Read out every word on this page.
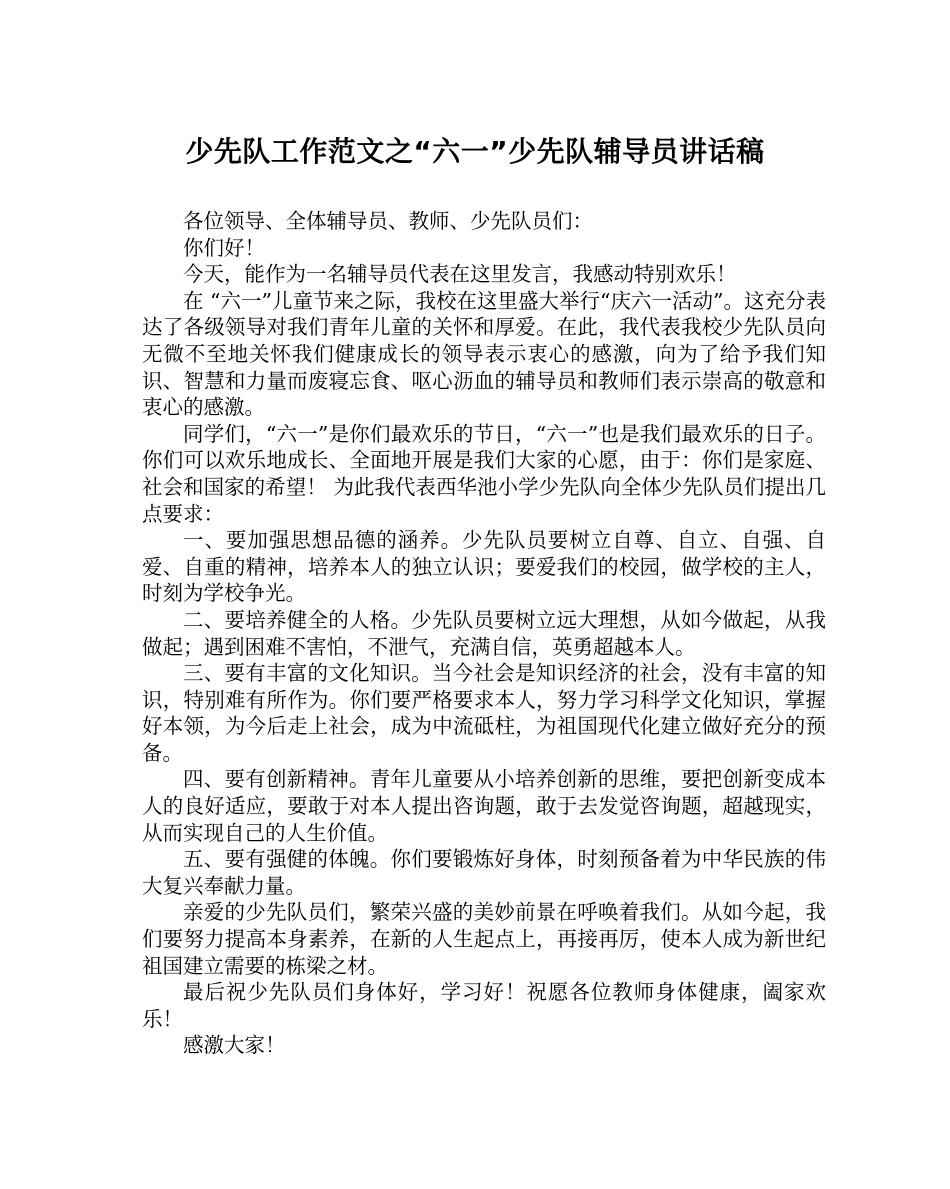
少先队工作范文之“六一”少先队辅导员讲话稿

各位领导、全体辅导员、教师、少先队员们：

你们好！

今天，能作为一名辅导员代表在这里发言，我感动特别欢乐！

在 “六一”儿童节来之际，我校在这里盛大举行“庆六一活动”。这充分表达了各级领导对我们青年儿童的关怀和厚爱。在此，我代表我校少先队员向无微不至地关怀我们健康成长的领导表示衷心的感激，向为了给予我们知识、智慧和力量而废寝忘食、呕心沥血的辅导员和教师们表示崇高的敬意和衷心的感激。

同学们，“六一”是你们最欢乐的节日，“六一”也是我们最欢乐的日子。你们可以欢乐地成长、全面地开展是我们大家的心愿，由于：你们是家庭、社会和国家的希望！ 为此我代表西华池小学少先队向全体少先队员们提出几点要求：

一、要加强思想品德的涵养。少先队员要树立自尊、自立、自强、自爱、自重的精神，培养本人的独立认识；要爱我们的校园，做学校的主人，时刻为学校争光。

二、要培养健全的人格。少先队员要树立远大理想，从如今做起，从我做起；遇到困难不害怕，不泄气，充满自信，英勇超越本人。

三、要有丰富的文化知识。当今社会是知识经济的社会，没有丰富的知识，特别难有所作为。你们要严格要求本人，努力学习科学文化知识，掌握好本领，为今后走上社会，成为中流砥柱，为祖国现代化建立做好充分的预备。

四、要有创新精神。青年儿童要从小培养创新的思维，要把创新变成本人的良好适应，要敢于对本人提出咨询题，敢于去发觉咨询题，超越现实，从而实现自己的人生价值。

五、要有强健的体魄。你们要锻炼好身体，时刻预备着为中华民族的伟大复兴奉献力量。

亲爱的少先队员们，繁荣兴盛的美妙前景在呼唤着我们。从如今起，我们要努力提高本身素养，在新的人生起点上，再接再厉，使本人成为新世纪祖国建立需要的栋梁之材。

最后祝少先队员们身体好，学习好！祝愿各位教师身体健康，阖家欢乐！

感激大家！
